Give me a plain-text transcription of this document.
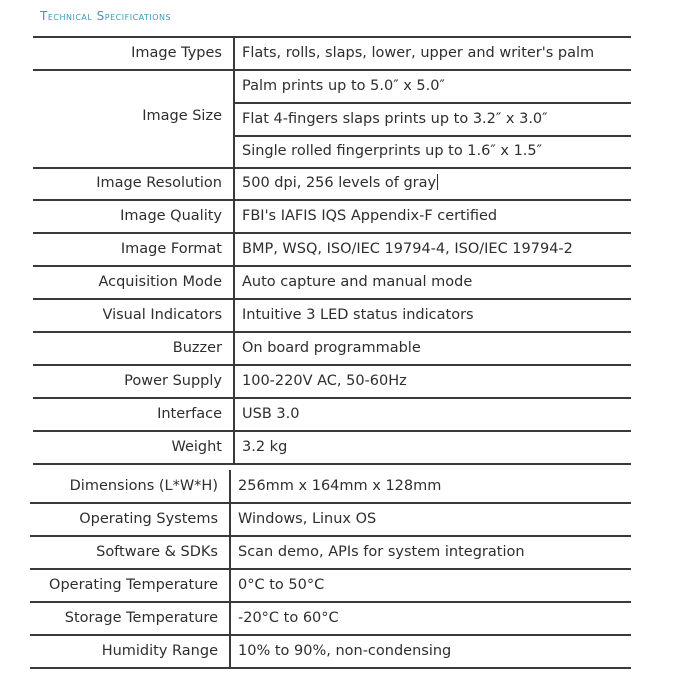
Technical Specifications
Image Types
Image Size
Image Resolution
Image Quality
Image Format
Acquisition Mode
Visual Indicators
Buzzer
Power Supply
Interface
Weight
Dimensions (L*W*H)
Operating Systems
Software & SDKs
Operating Temperature
Storage Temperature
Humidity Range
Flats, rolls, slaps, lower, upper and writer's palm
Palm prints up to 5.0″ x 5.0″
Flat 4-fingers slaps prints up to 3.2″ x 3.0″
Single rolled fingerprints up to 1.6″ x 1.5″
500 dpi, 256 levels of gray
FBI's IAFIS IQS Appendix-F certified
BMP, WSQ, ISO/IEC 19794-4, ISO/IEC 19794-2
Auto capture and manual mode
Intuitive 3 LED status indicators
On board programmable
100-220V AC, 50-60Hz
USB 3.0
3.2 kg
256mm x 164mm x 128mm
Windows, Linux OS
Scan demo, APIs for system integration
0°C to 50°C
-20°C to 60°C
10% to 90%, non-condensing
